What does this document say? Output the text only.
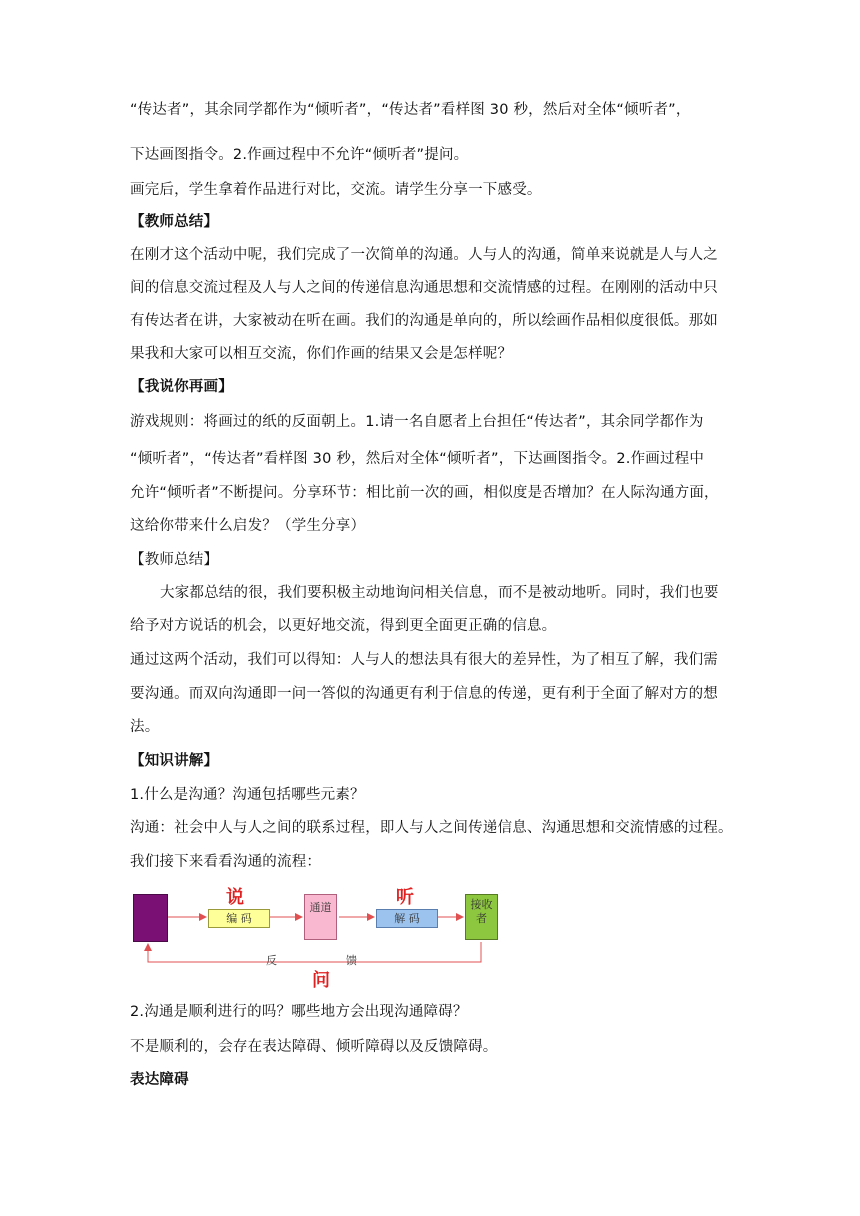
“传达者”，其余同学都作为“倾听者”，“传达者”看样图 30 秒，然后对全体“倾听者”，
下达画图指令。2.作画过程中不允许“倾听者”提问。
画完后，学生拿着作品进行对比，交流。请学生分享一下感受。
【教师总结】
在刚才这个活动中呢，我们完成了一次简单的沟通。人与人的沟通，简单来说就是人与人之
间的信息交流过程及人与人之间的传递信息沟通思想和交流情感的过程。在刚刚的活动中只
有传达者在讲，大家被动在听在画。我们的沟通是单向的，所以绘画作品相似度很低。那如
果我和大家可以相互交流，你们作画的结果又会是怎样呢？
【我说你再画】
游戏规则：将画过的纸的反面朝上。1.请一名自愿者上台担任“传达者”，其余同学都作为
“倾听者”，“传达者”看样图 30 秒，然后对全体“倾听者”，下达画图指令。2.作画过程中
允许“倾听者”不断提问。分享环节：相比前一次的画，相似度是否增加？在人际沟通方面，
这给你带来什么启发？（学生分享）
【教师总结】
大家都总结的很，我们要积极主动地询问相关信息，而不是被动地听。同时，我们也要
给予对方说话的机会，以更好地交流，得到更全面更正确的信息。
通过这两个活动，我们可以得知：人与人的想法具有很大的差异性，为了相互了解，我们需
要沟通。而双向沟通即一问一答似的沟通更有利于信息的传递，更有利于全面了解对方的想
法。
【知识讲解】
1.什么是沟通？沟通包括哪些元素？
沟通：社会中人与人之间的联系过程，即人与人之间传递信息、沟通思想和交流情感的过程。
我们接下来看看沟通的流程：
说
编 码
通道	听
解 码
接收者
反	馈
问
2.沟通是顺利进行的吗？哪些地方会出现沟通障碍？
不是顺利的，会存在表达障碍、倾听障碍以及反馈障碍。
表达障碍
